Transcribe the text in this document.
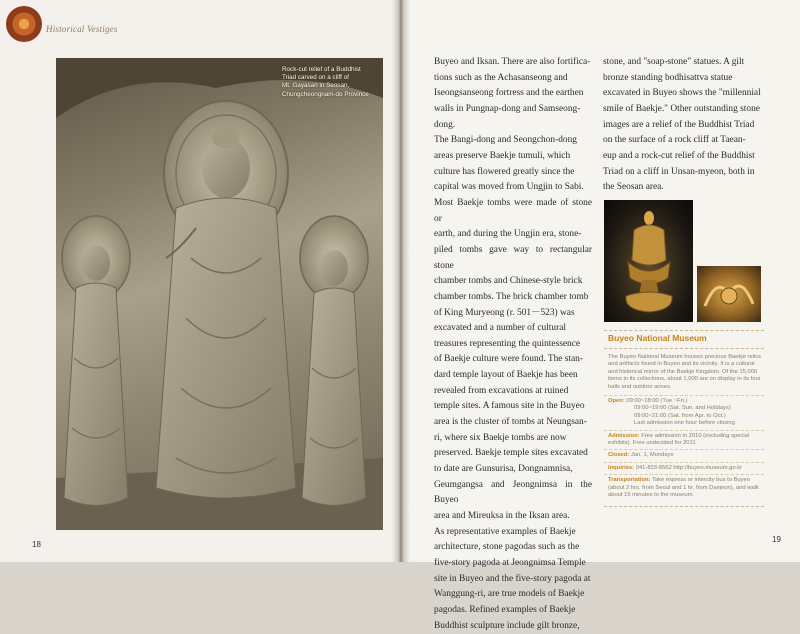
Historical Vestiges
Rock-cut relief of a Buddhist
Triad carved on a cliff of
Mt. Gayasan in Seosan,
Chungcheongnam-do Province
18
Buyeo and Iksan. There are also fortifica-
tions such as the Achasanseong and
Iseongsanseong fortress and the earthen
walls in Pungnap-dong and Samseong-
dong.
The Bangi-dong and Seongchon-dong
areas preserve Baekje tumuli, which
culture has flowered greatly since the
capital was moved from Ungjin to Sabi.
Most Baekje tombs were made of stone or
earth, and during the Ungjin era, stone-
piled tombs gave way to rectangular stone
chamber tombs and Chinese-style brick
chamber tombs. The brick chamber tomb
of King Muryeong (r. 501－523) was
excavated and a number of cultural
treasures representing the quintessence
of Baekje culture were found. The stan-
dard temple layout of Baekje has been
revealed from excavations at ruined
temple sites. A famous site in the Buyeo
area is the cluster of tombs at Neungsan-
ri, where six Baekje tombs are now
preserved. Baekje temple sites excavated
to date are Gunsurisa, Dongnamnisa,
Geumgangsa and Jeongnimsa in the Buyeo
area and Mireuksa in the Iksan area.
As representative examples of Baekje
architecture, stone pagodas such as the
five-story pagoda at Jeongnimsa Temple
site in Buyeo and the five-story pagoda at
Wanggung-ri, are true models of Baekje
pagodas. Refined examples of Baekje
Buddhist sculpture include gilt bronze,
stone, and "soap-stone" statues. A gilt
bronze standing bodhisattva statue
excavated in Buyeo shows the "millennial
smile of Baekje." Other outstanding stone
images are a relief of the Buddhist Triad
on the surface of a rock cliff at Taean-
eup and a rock-cut relief of the Buddhist
Triad on a cliff in Unsan-myeon, both in
the Seosan area.
Buyeo National Museum
The Buyeo National Museum houses precious Baekje relics and artifacts found in Buyeo and its vicinity. It is a cultural and historical mirror of the Baekje Kingdom. Of the 15,000 items in its collections, about 1,000 are on display in its four halls and outdoor annex.
Open: 09:00~18:00 (Tue.~Fri.)
09:00~19:00 (Sat. Sun. and Holidays)
09:00~21:00 (Sat. from Apr. to Oct.)
Last admission one hour before closing
Admission: Free admission in 2010 (excluding special exhibits). Free undecided for 2011
Closed: Jan. 1, Mondays
Inquiries: 041-833-8562 http://buyeo.museum.go.kr
Transportation: Take express or intercity bus to Buyeo (about 2 hrs. from Seoul and 1 hr. from Daejeon), and walk about 15 minutes to the museum.
19
